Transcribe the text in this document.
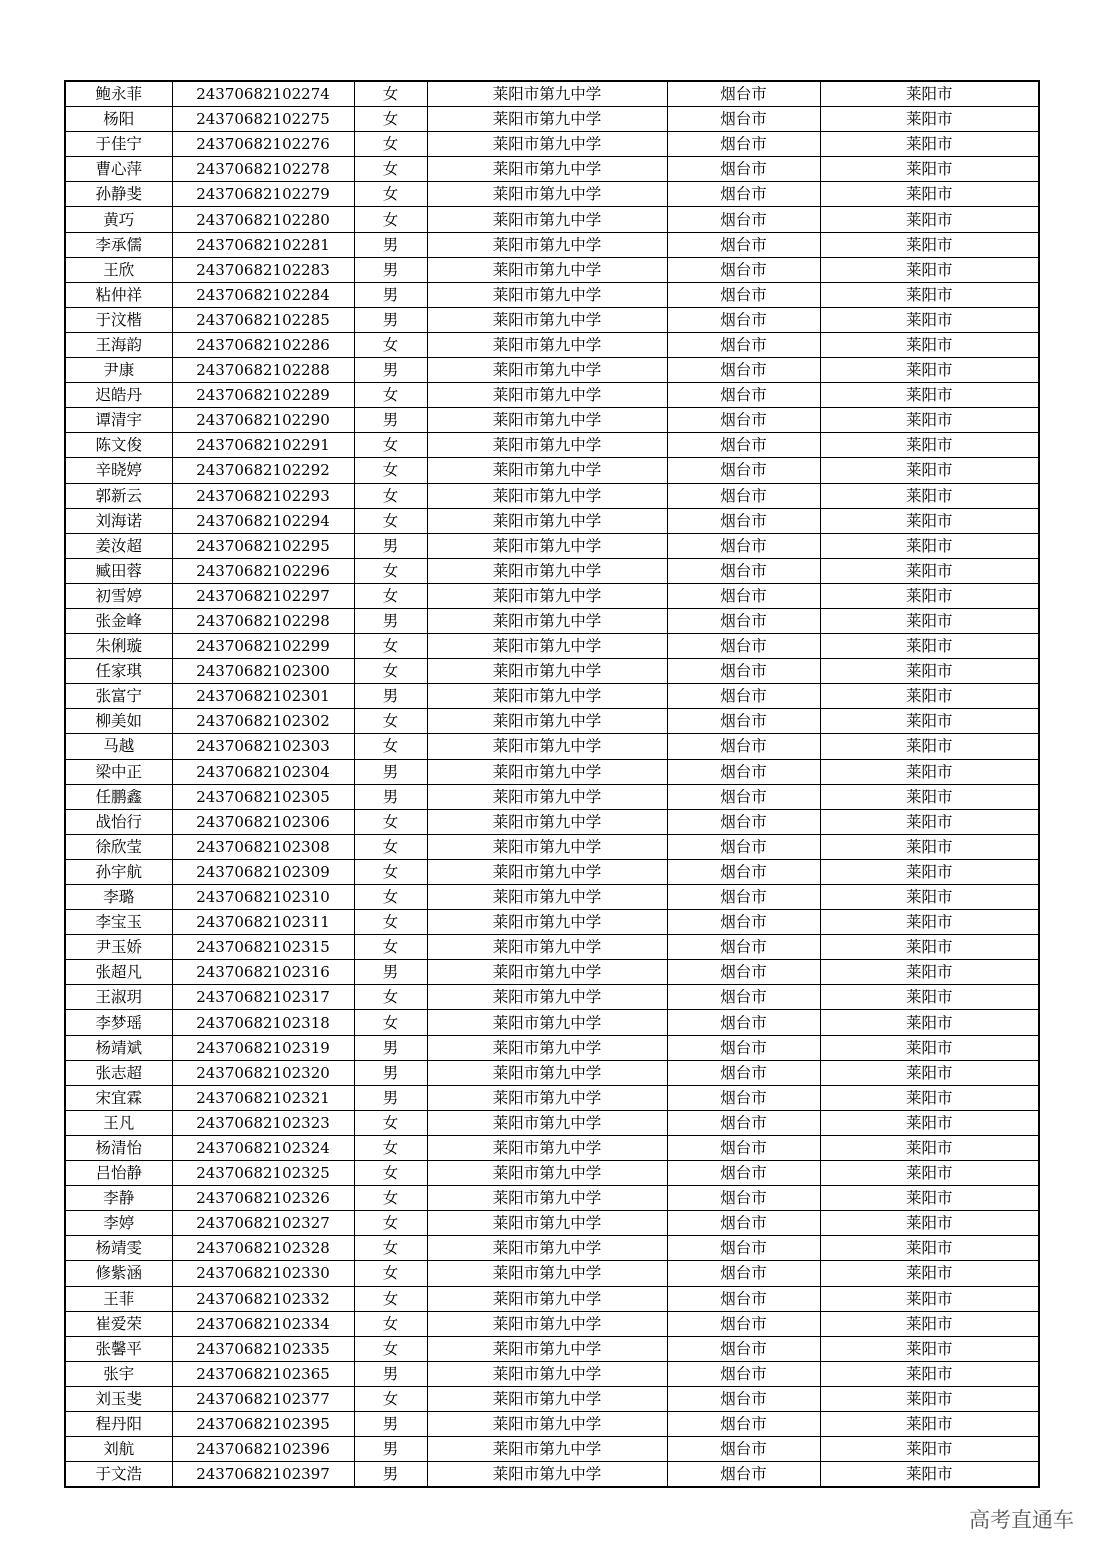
鲍永菲	24370682102274	女	莱阳市第九中学	烟台市	莱阳市
杨阳	24370682102275	女	莱阳市第九中学	烟台市	莱阳市
于佳宁	24370682102276	女	莱阳市第九中学	烟台市	莱阳市
曹心萍	24370682102278	女	莱阳市第九中学	烟台市	莱阳市
孙静斐	24370682102279	女	莱阳市第九中学	烟台市	莱阳市
黄巧	24370682102280	女	莱阳市第九中学	烟台市	莱阳市
李承儒	24370682102281	男	莱阳市第九中学	烟台市	莱阳市
王欣	24370682102283	男	莱阳市第九中学	烟台市	莱阳市
粘仲祥	24370682102284	男	莱阳市第九中学	烟台市	莱阳市
于汶楷	24370682102285	男	莱阳市第九中学	烟台市	莱阳市
王海韵	24370682102286	女	莱阳市第九中学	烟台市	莱阳市
尹康	24370682102288	男	莱阳市第九中学	烟台市	莱阳市
迟皓丹	24370682102289	女	莱阳市第九中学	烟台市	莱阳市
谭清宇	24370682102290	男	莱阳市第九中学	烟台市	莱阳市
陈文俊	24370682102291	女	莱阳市第九中学	烟台市	莱阳市
辛晓婷	24370682102292	女	莱阳市第九中学	烟台市	莱阳市
郭新云	24370682102293	女	莱阳市第九中学	烟台市	莱阳市
刘海诺	24370682102294	女	莱阳市第九中学	烟台市	莱阳市
姜汝超	24370682102295	男	莱阳市第九中学	烟台市	莱阳市
臧田蓉	24370682102296	女	莱阳市第九中学	烟台市	莱阳市
初雪婷	24370682102297	女	莱阳市第九中学	烟台市	莱阳市
张金峰	24370682102298	男	莱阳市第九中学	烟台市	莱阳市
朱俐璇	24370682102299	女	莱阳市第九中学	烟台市	莱阳市
任家琪	24370682102300	女	莱阳市第九中学	烟台市	莱阳市
张富宁	24370682102301	男	莱阳市第九中学	烟台市	莱阳市
柳美如	24370682102302	女	莱阳市第九中学	烟台市	莱阳市
马越	24370682102303	女	莱阳市第九中学	烟台市	莱阳市
梁中正	24370682102304	男	莱阳市第九中学	烟台市	莱阳市
任鹏鑫	24370682102305	男	莱阳市第九中学	烟台市	莱阳市
战怡行	24370682102306	女	莱阳市第九中学	烟台市	莱阳市
徐欣莹	24370682102308	女	莱阳市第九中学	烟台市	莱阳市
孙宇航	24370682102309	女	莱阳市第九中学	烟台市	莱阳市
李璐	24370682102310	女	莱阳市第九中学	烟台市	莱阳市
李宝玉	24370682102311	女	莱阳市第九中学	烟台市	莱阳市
尹玉娇	24370682102315	女	莱阳市第九中学	烟台市	莱阳市
张超凡	24370682102316	男	莱阳市第九中学	烟台市	莱阳市
王淑玥	24370682102317	女	莱阳市第九中学	烟台市	莱阳市
李梦瑶	24370682102318	女	莱阳市第九中学	烟台市	莱阳市
杨靖斌	24370682102319	男	莱阳市第九中学	烟台市	莱阳市
张志超	24370682102320	男	莱阳市第九中学	烟台市	莱阳市
宋宜霖	24370682102321	男	莱阳市第九中学	烟台市	莱阳市
王凡	24370682102323	女	莱阳市第九中学	烟台市	莱阳市
杨清怡	24370682102324	女	莱阳市第九中学	烟台市	莱阳市
吕怡静	24370682102325	女	莱阳市第九中学	烟台市	莱阳市
李静	24370682102326	女	莱阳市第九中学	烟台市	莱阳市
李婷	24370682102327	女	莱阳市第九中学	烟台市	莱阳市
杨靖雯	24370682102328	女	莱阳市第九中学	烟台市	莱阳市
修紫涵	24370682102330	女	莱阳市第九中学	烟台市	莱阳市
王菲	24370682102332	女	莱阳市第九中学	烟台市	莱阳市
崔爱荣	24370682102334	女	莱阳市第九中学	烟台市	莱阳市
张馨平	24370682102335	女	莱阳市第九中学	烟台市	莱阳市
张宇	24370682102365	男	莱阳市第九中学	烟台市	莱阳市
刘玉斐	24370682102377	女	莱阳市第九中学	烟台市	莱阳市
程丹阳	24370682102395	男	莱阳市第九中学	烟台市	莱阳市
刘航	24370682102396	男	莱阳市第九中学	烟台市	莱阳市
于文浩	24370682102397	男	莱阳市第九中学	烟台市	莱阳市
高考直通车
